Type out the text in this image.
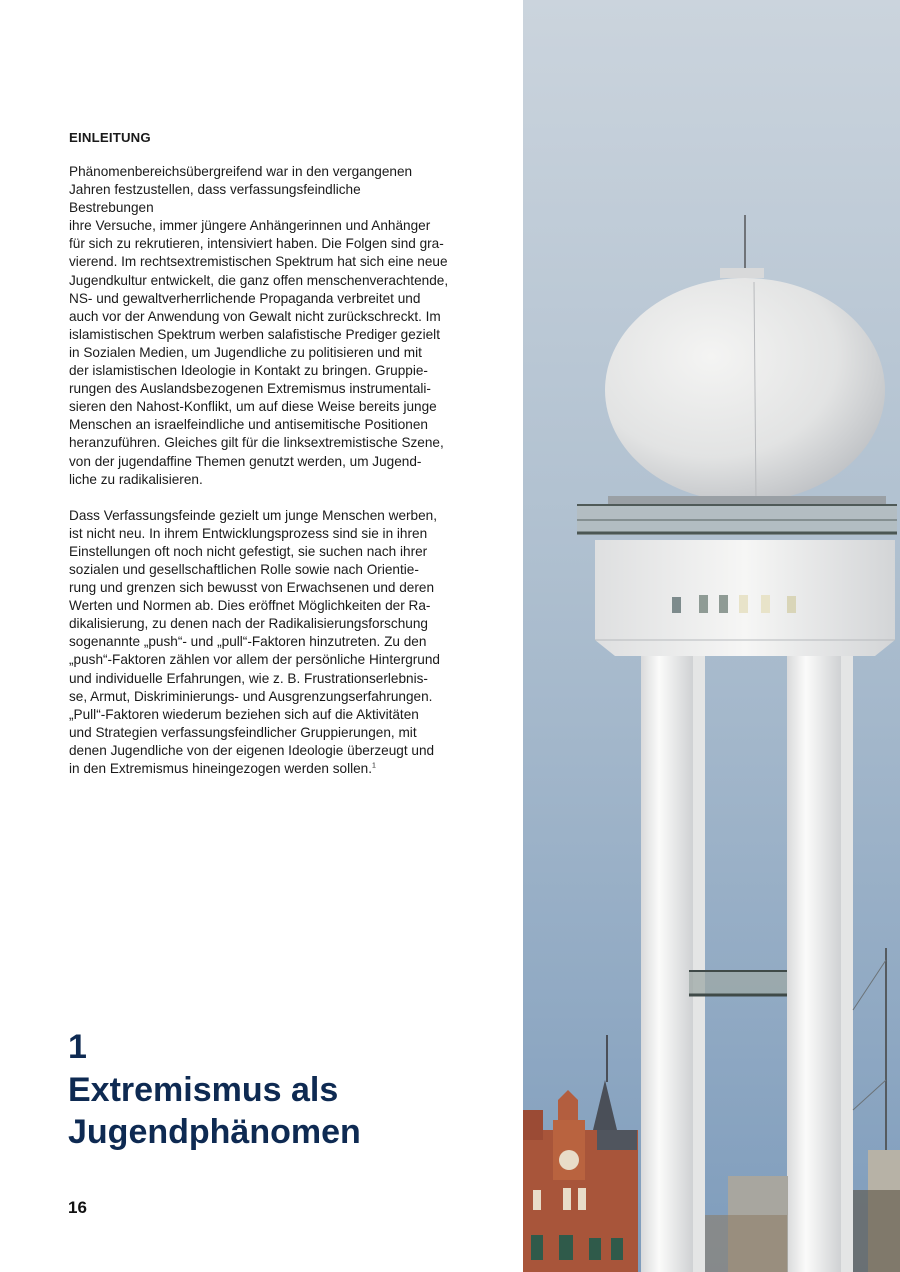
EINLEITUNG

Phänomenbereichsübergreifend war in den vergangenen
Jahren festzustellen, dass verfassungsfeindliche Bestrebungen
ihre Versuche, immer jüngere Anhängerinnen und Anhänger
für sich zu rekrutieren, intensiviert haben. Die Folgen sind gra-
vierend. Im rechtsextremistischen Spektrum hat sich eine neue
Jugendkultur entwickelt, die ganz offen menschenverachtende,
NS- und gewaltverherrlichende Propaganda verbreitet und
auch vor der Anwendung von Gewalt nicht zurückschreckt. Im
islamistischen Spektrum werben salafistische Prediger gezielt
in Sozialen Medien, um Jugendliche zu politisieren und mit
der islamistischen Ideologie in Kontakt zu bringen. Gruppie-
rungen des Auslandsbezogenen Extremismus instrumentali-
sieren den Nahost-Konflikt, um auf diese Weise bereits junge
Menschen an israelfeindliche und antisemitische Positionen
heranzuführen. Gleiches gilt für die linksextremistische Szene,
von der jugendaffine Themen genutzt werden, um Jugend-
liche zu radikalisieren.

Dass Verfassungsfeinde gezielt um junge Menschen werben,
ist nicht neu. In ihrem Entwicklungsprozess sind sie in ihren
Einstellungen oft noch nicht gefestigt, sie suchen nach ihrer
sozialen und gesellschaftlichen Rolle sowie nach Orientie-
rung und grenzen sich bewusst von Erwachsenen und deren
Werten und Normen ab. Dies eröffnet Möglichkeiten der Ra-
dikalisierung, zu denen nach der Radikalisierungsforschung
sogenannte „push“- und „pull“-Faktoren hinzutreten. Zu den
„push“-Faktoren zählen vor allem der persönliche Hintergrund
und individuelle Erfahrungen, wie z. B. Frustrationserlebnis-
se, Armut, Diskriminierungs- und Ausgrenzungserfahrungen.
„Pull“-Faktoren wiederum beziehen sich auf die Aktivitäten
und Strategien verfassungsfeindlicher Gruppierungen, mit
denen Jugendliche von der eigenen Ideologie überzeugt und
in den Extremismus hineingezogen werden sollen.$^1$

1
Extremismus als
Jugendphänomen
16
